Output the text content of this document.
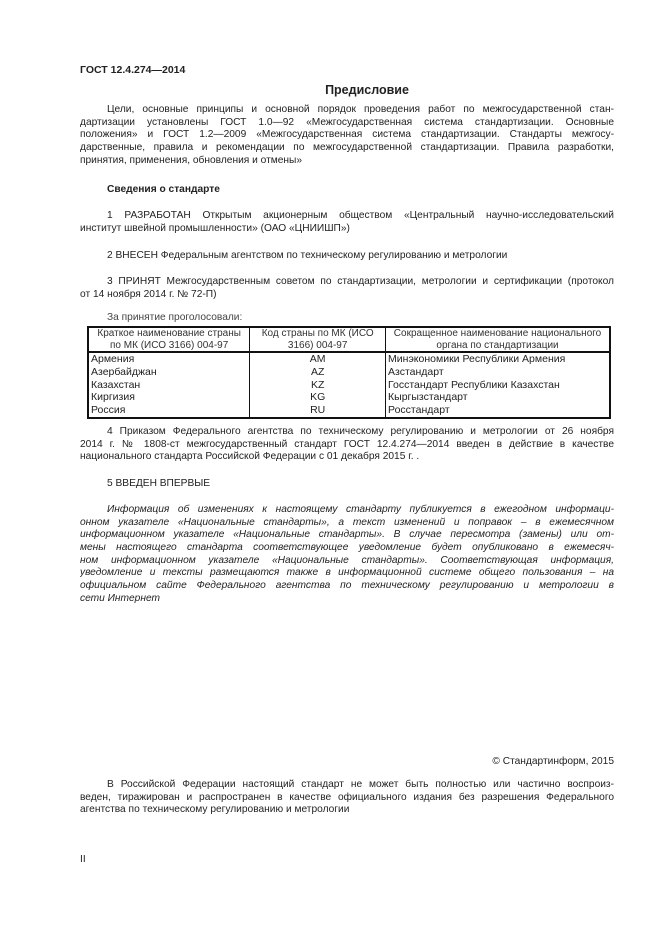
ГОСТ 12.4.274—2014
Предисловие
Цели, основные принципы и основной порядок проведения работ по межгосударственной стан-
дартизации установлены ГОСТ 1.0—92 «Межгосударственная система стандартизации. Основные
положения» и ГОСТ 1.2—2009 «Межгосударственная система стандартизации. Стандарты межгосу-
дарственные, правила и рекомендации по межгосударственной стандартизации. Правила разработки,
принятия, применения, обновления и отмены»
Сведения о стандарте
1 РАЗРАБОТАН Открытым акционерным обществом «Центральный научно-исследовательский
институт швейной промышленности» (ОАО «ЦНИИШП»)
2 ВНЕСЕН Федеральным агентством по техническому регулированию и метрологии
3 ПРИНЯТ Межгосударственным советом по стандартизации, метрологии и сертификации (протокол
от 14 ноября 2014 г. № 72-П)
За принятие проголосовали:
Краткое наименование страны по МК (ИСО 3166) 004-97	Код страны по МК (ИСО 3166) 004-97	Сокращенное наименование национального органа по стандартизации
Армения	AM	Минэкономики Республики Армения
Азербайджан	AZ	Азстандарт
Казахстан	KZ	Госстандарт Республики Казахстан
Киргизия	KG	Кыргызстандарт
Россия	RU	Росстандарт
4 Приказом Федерального агентства по техническому регулированию и метрологии от 26 ноября
2014 г. № 1808-ст межгосударственный стандарт ГОСТ 12.4.274—2014 введен в действие в качестве
национального стандарта Российской Федерации с 01 декабря 2015 г. .
5 ВВЕДЕН ВПЕРВЫЕ
Информация об изменениях к настоящему стандарту публикуется в ежегодном информаци-
онном указателе «Национальные стандарты», а текст изменений и поправок – в ежемесячном
информационном указателе «Национальные стандарты». В случае пересмотра (замены) или от-
мены настоящего стандарта соответствующее уведомление будет опубликовано в ежемесяч-
ном информационном указателе «Национальные стандарты». Соответствующая информация,
уведомление и тексты размещаются также в информационной системе общего пользования – на
официальном сайте Федерального агентства по техническому регулированию и метрологии в
сети Интернет
© Стандартинформ, 2015
В Российской Федерации настоящий стандарт не может быть полностью или частично воспроиз-
веден, тиражирован и распространен в качестве официального издания без разрешения Федерального
агентства по техническому регулированию и метрологии
II
